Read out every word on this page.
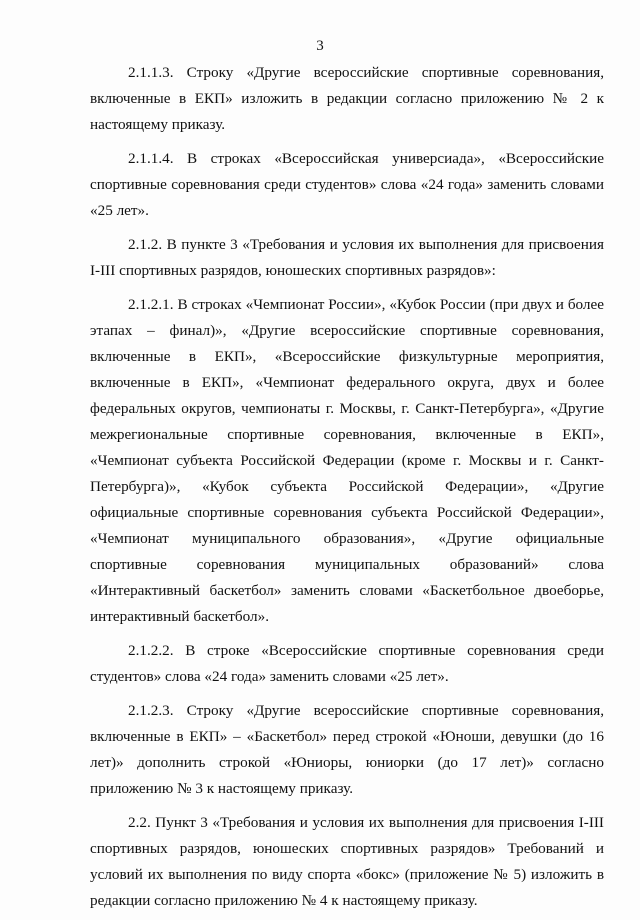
3

2.1.1.3. Строку «Другие всероссийские спортивные соревнования, включенные в ЕКП» изложить в редакции согласно приложению № 2 к настоящему приказу.

2.1.1.4. В строках «Всероссийская универсиада», «Всероссийские спортивные соревнования среди студентов» слова «24 года» заменить словами «25 лет».

2.1.2. В пункте 3 «Требования и условия их выполнения для присвоения I-III спортивных разрядов, юношеских спортивных разрядов»:

2.1.2.1. В строках «Чемпионат России», «Кубок России (при двух и более этапах – финал)», «Другие всероссийские спортивные соревнования, включенные в ЕКП», «Всероссийские физкультурные мероприятия, включенные в ЕКП», «Чемпионат федерального округа, двух и более федеральных округов, чемпионаты г. Москвы, г. Санкт-Петербурга», «Другие межрегиональные спортивные соревнования, включенные в ЕКП», «Чемпионат субъекта Российской Федерации (кроме г. Москвы и г. Санкт-Петербурга)», «Кубок субъекта Российской Федерации», «Другие официальные спортивные соревнования субъекта Российской Федерации», «Чемпионат муниципального образования», «Другие официальные спортивные соревнования муниципальных образований» слова «Интерактивный баскетбол» заменить словами «Баскетбольное двоеборье, интерактивный баскетбол».

2.1.2.2. В строке «Всероссийские спортивные соревнования среди студентов» слова «24 года» заменить словами «25 лет».

2.1.2.3. Строку «Другие всероссийские спортивные соревнования, включенные в ЕКП» – «Баскетбол» перед строкой «Юноши, девушки (до 16 лет)» дополнить строкой «Юниоры, юниорки (до 17 лет)» согласно приложению № 3 к настоящему приказу.

2.2. Пункт 3 «Требования и условия их выполнения для присвоения I-III спортивных разрядов, юношеских спортивных разрядов» Требований и условий их выполнения по виду спорта «бокс» (приложение № 5) изложить в редакции согласно приложению № 4 к настоящему приказу.
